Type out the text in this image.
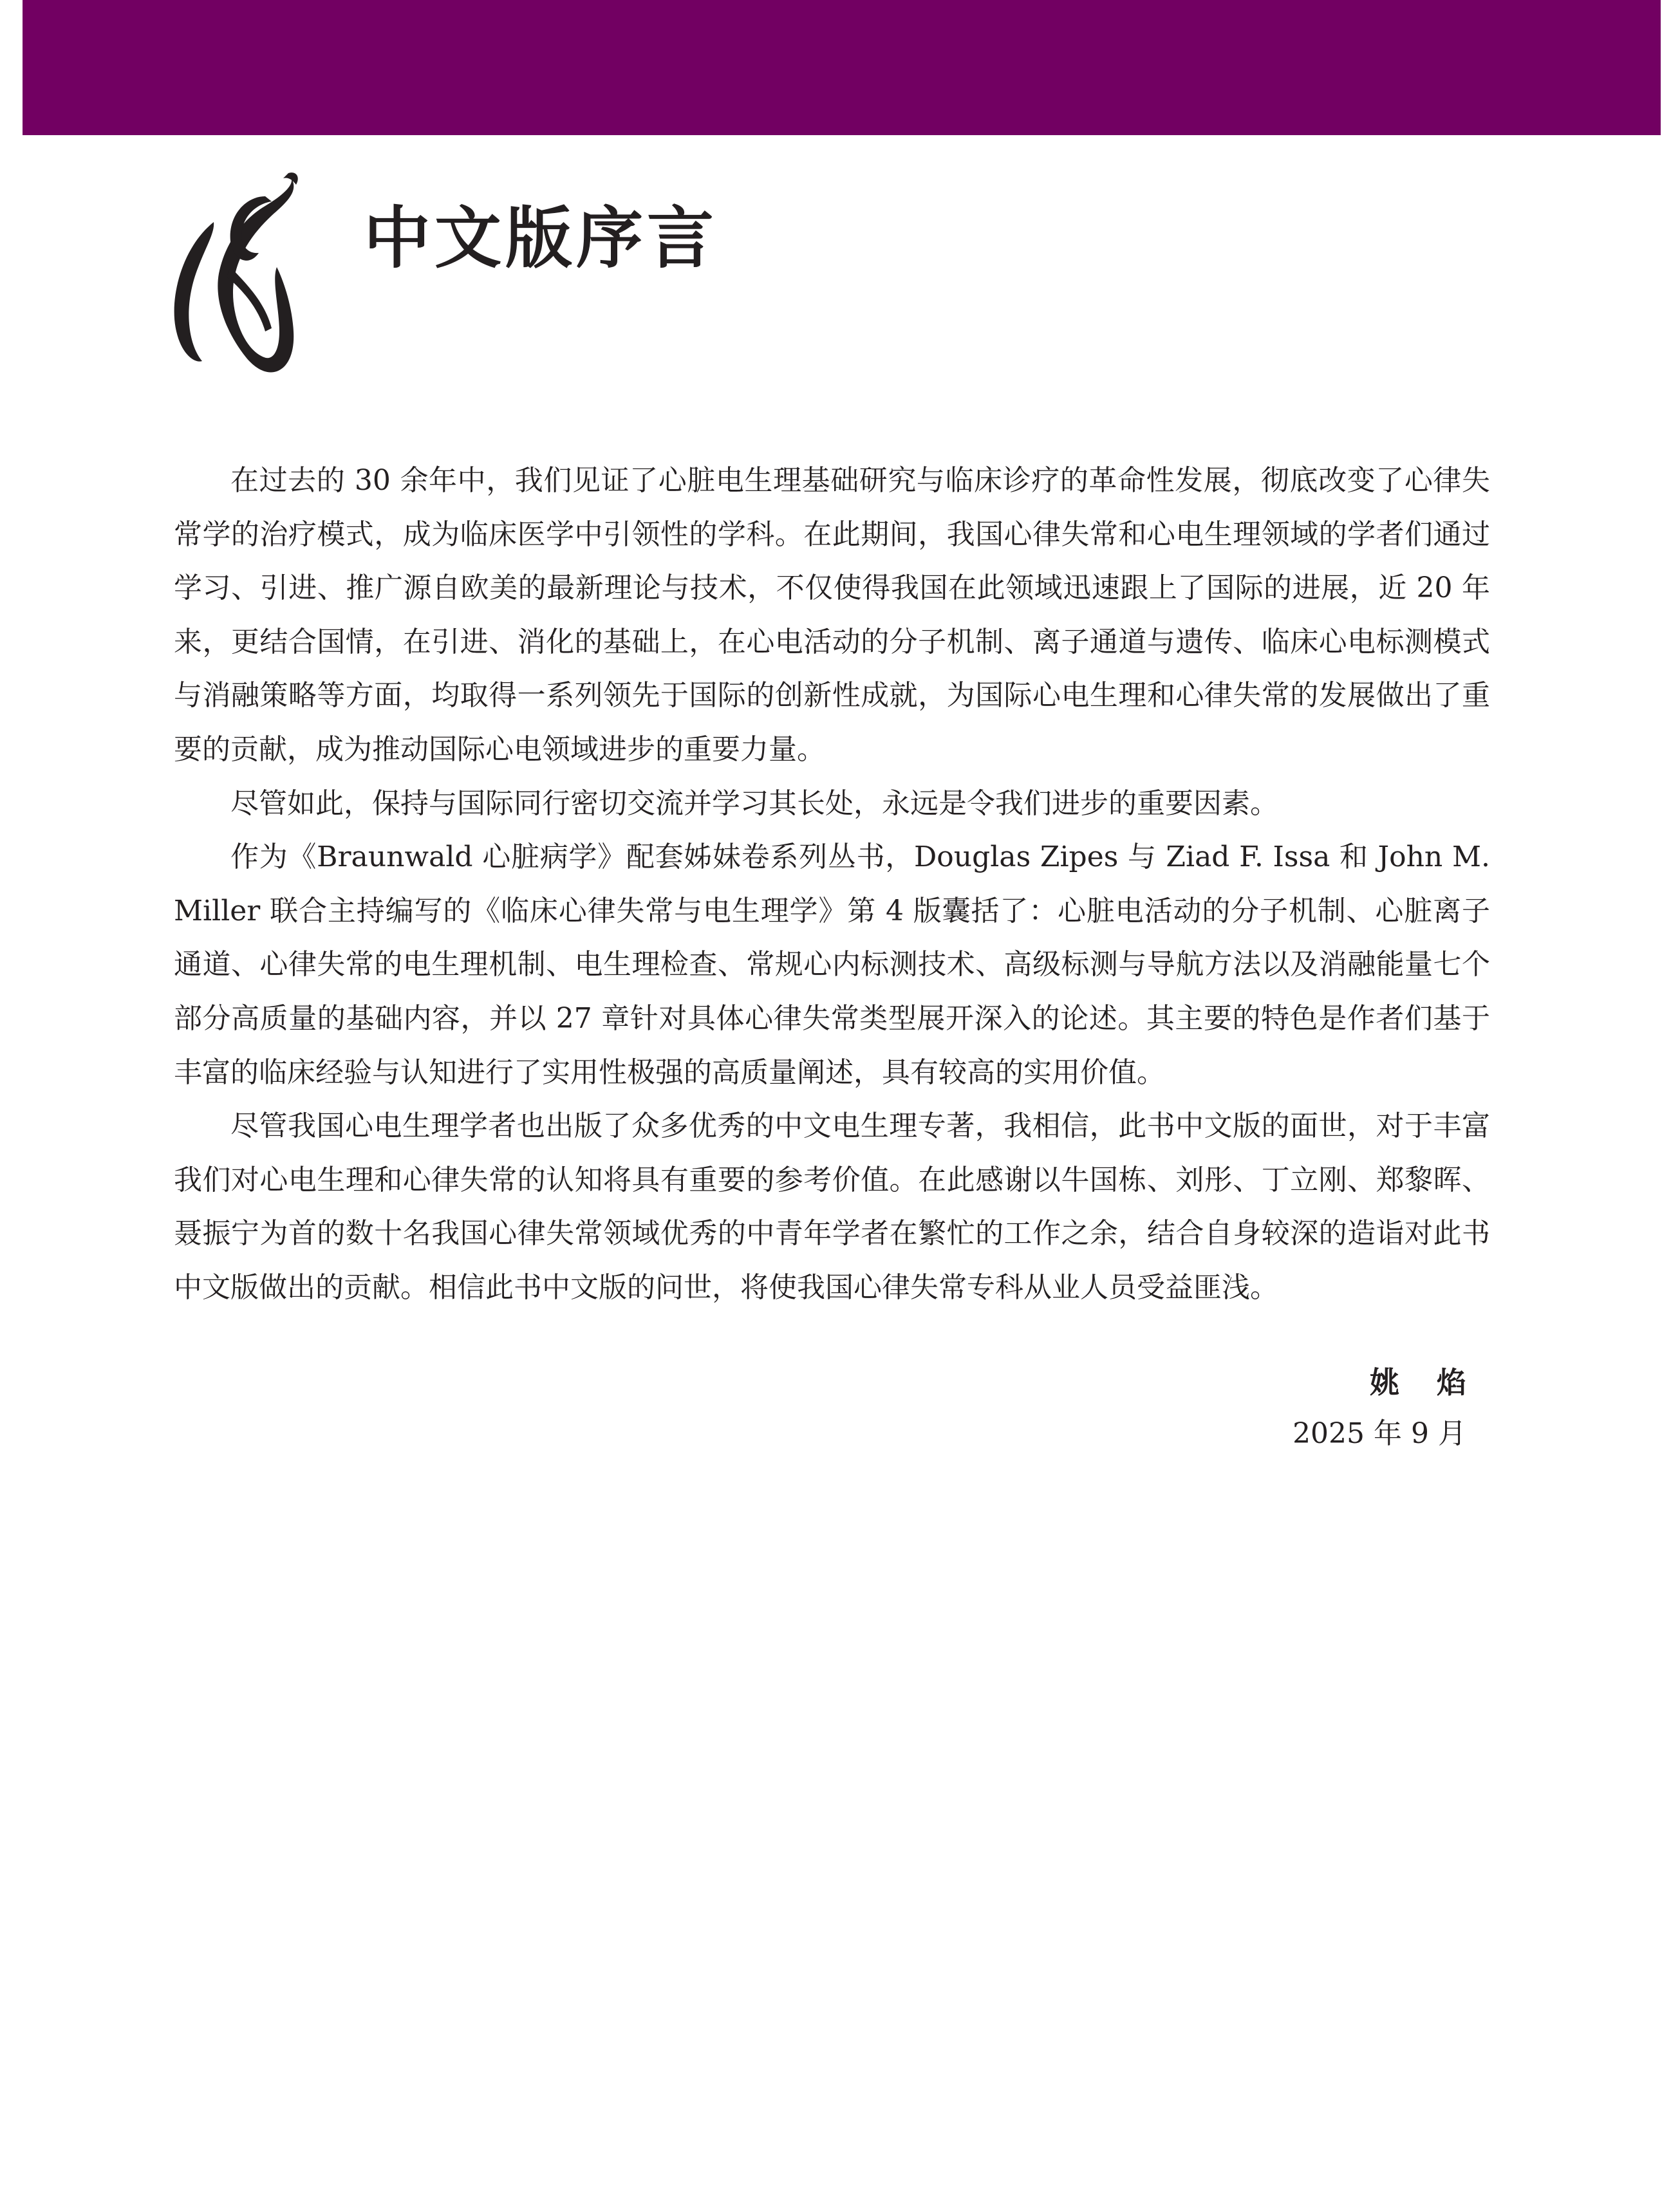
中文版序言

在过去的 30 余年中，我们见证了心脏电生理基础研究与临床诊疗的革命性发展，彻底改变了心律失常学的治疗模式，成为临床医学中引领性的学科。在此期间，我国心律失常和心电生理领域的学者们通过学习、引进、推广源自欧美的最新理论与技术，不仅使得我国在此领域迅速跟上了国际的进展，近 20 年来，更结合国情，在引进、消化的基础上，在心电活动的分子机制、离子通道与遗传、临床心电标测模式与消融策略等方面，均取得一系列领先于国际的创新性成就，为国际心电生理和心律失常的发展做出了重要的贡献，成为推动国际心电领域进步的重要力量。

尽管如此，保持与国际同行密切交流并学习其长处，永远是令我们进步的重要因素。

作为《Braunwald 心脏病学》配套姊妹卷系列丛书，Douglas Zipes 与 Ziad F. Issa 和 John M. Miller 联合主持编写的《临床心律失常与电生理学》第 4 版囊括了：心脏电活动的分子机制、心脏离子通道、心律失常的电生理机制、电生理检查、常规心内标测技术、高级标测与导航方法以及消融能量七个部分高质量的基础内容，并以 27 章针对具体心律失常类型展开深入的论述。其主要的特色是作者们基于丰富的临床经验与认知进行了实用性极强的高质量阐述，具有较高的实用价值。

尽管我国心电生理学者也出版了众多优秀的中文电生理专著，我相信，此书中文版的面世，对于丰富我们对心电生理和心律失常的认知将具有重要的参考价值。在此感谢以牛国栋、刘彤、丁立刚、郑黎晖、聂振宁为首的数十名我国心律失常领域优秀的中青年学者在繁忙的工作之余，结合自身较深的造诣对此书中文版做出的贡献。相信此书中文版的问世，将使我国心律失常专科从业人员受益匪浅。

姚焰
2025 年 9 月
